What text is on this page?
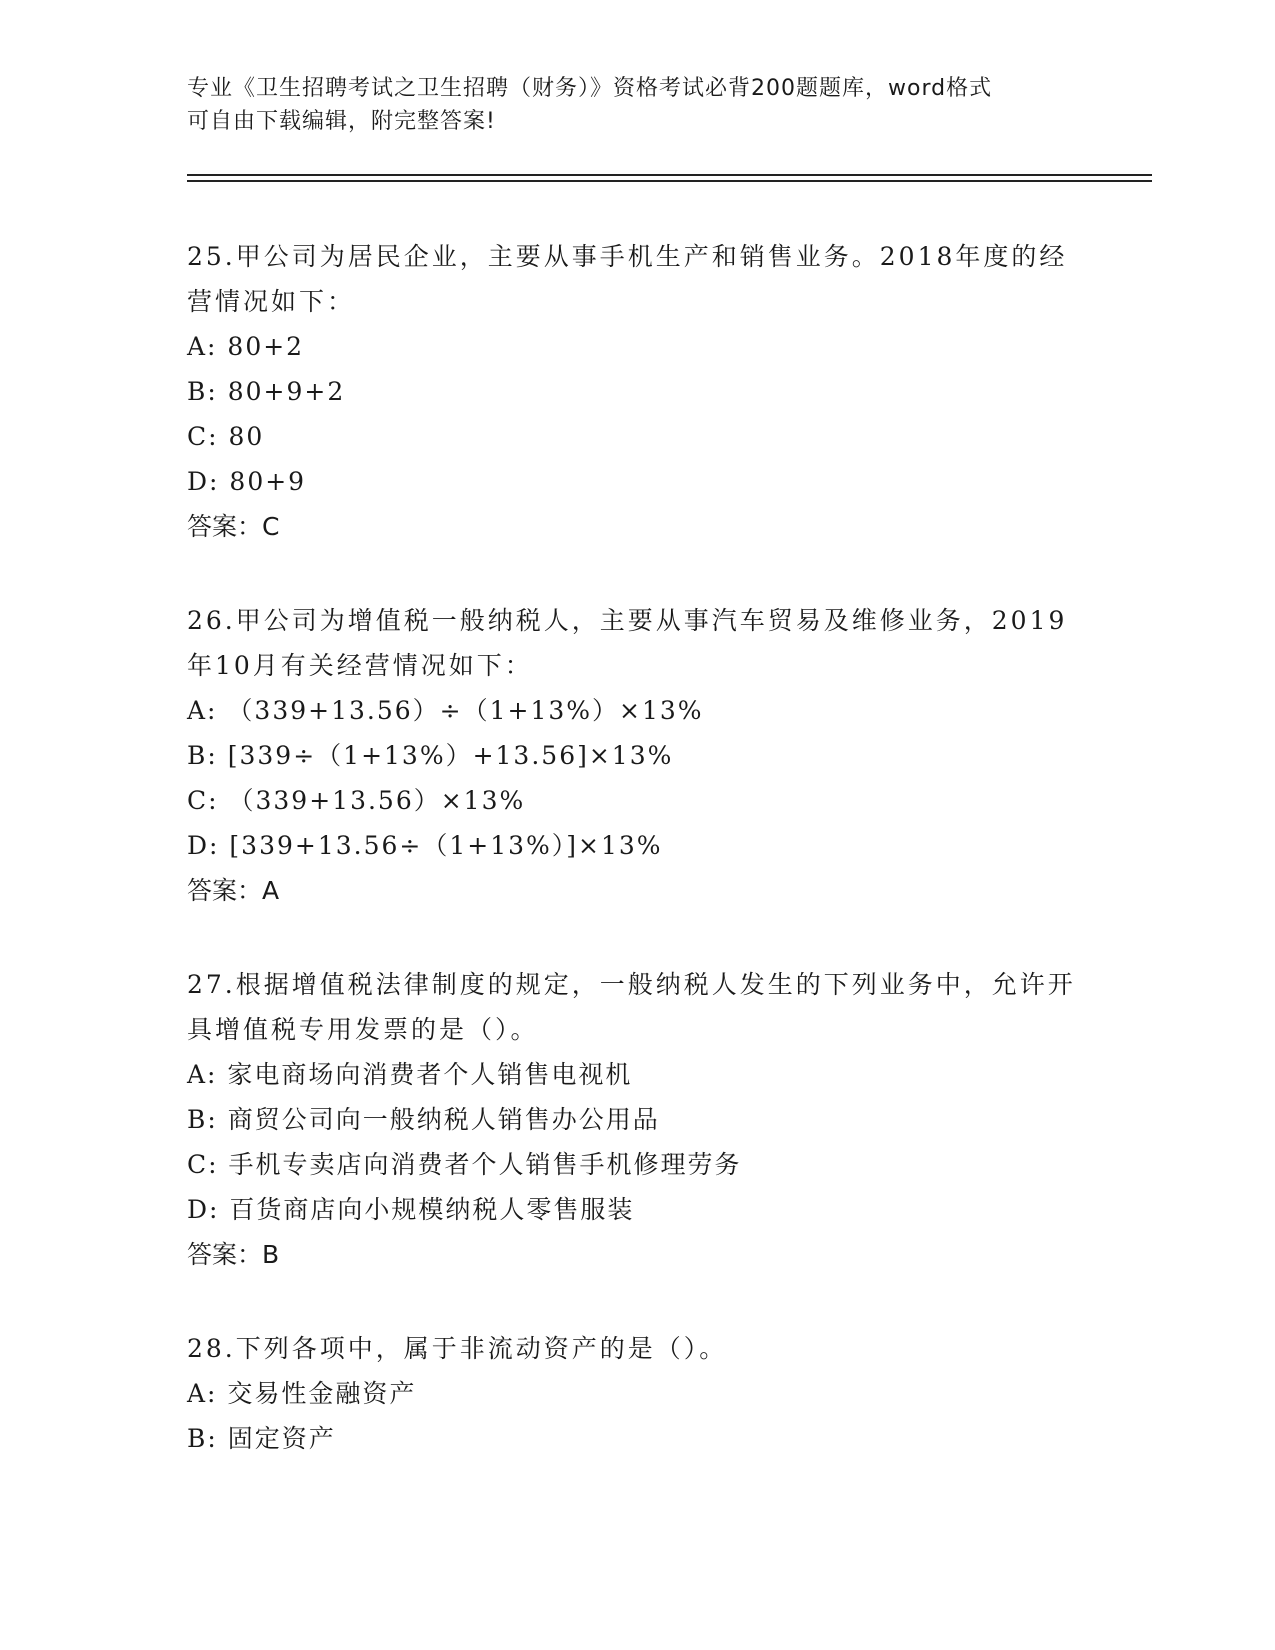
专业《卫生招聘考试之卫生招聘（财务）》资格考试必背200题题库，word格式
可自由下载编辑，附完整答案!

25.甲公司为居民企业，主要从事手机生产和销售业务。2018年度的经营情况如下：

A: 80+2

B: 80+9+2

C: 80

D: 80+9

答案：C

26.甲公司为增值税一般纳税人，主要从事汽车贸易及维修业务，2019年10月有关经营情况如下：

A: （339+13.56）÷（1+13%）×13%

B: [339÷（1+13%）+13.56]×13%

C: （339+13.56）×13%

D: [339+13.56÷（1+13%）]×13%

答案：A

27.根据增值税法律制度的规定，一般纳税人发生的下列业务中，允许开具增值税专用发票的是（）。

A: 家电商场向消费者个人销售电视机

B: 商贸公司向一般纳税人销售办公用品

C: 手机专卖店向消费者个人销售手机修理劳务

D: 百货商店向小规模纳税人零售服装

答案：B

28.下列各项中，属于非流动资产的是（）。

A: 交易性金融资产

B: 固定资产
